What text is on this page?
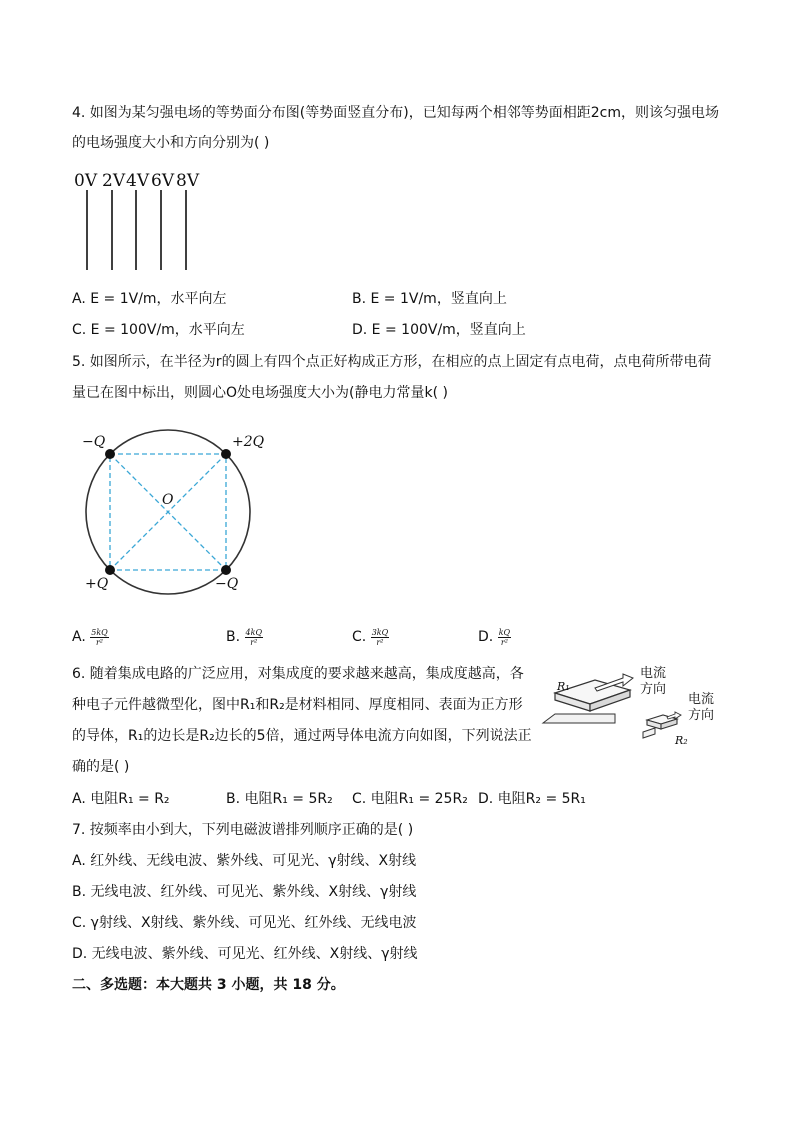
4. 如图为某匀强电场的等势面分布图(等势面竖直分布)，已知每两个相邻等势面相距2cm，则该匀强电场
的电场强度大小和方向分别为( )
0V 2V 4V 6V 8V
A. E = 1V/m，水平向左	B. E = 1V/m，竖直向上
C. E = 100V/m，水平向左	D. E = 100V/m，竖直向上
5. 如图所示，在半径为r的圆上有四个点正好构成正方形，在相应的点上固定有点电荷，点电荷所带电荷
量已在图中标出，则圆心O处电场强度大小为(静电力常量k( )
−Q	+2Q
+Q	−Q
O
A. $\frac{5kQ}{\text{r²}}$	B. $\frac{4kQ}{\text{r²}}$	C. $\frac{3kQ}{\text{r²}}$	D. $\frac{kQ}{\text{r²}}$
6. 随着集成电路的广泛应用，对集成度的要求越来越高，集成度越高，各
种电子元件越微型化，图中R₁和R₂是材料相同、厚度相同、表面为正方形
的导体，R₁的边长是R₂边长的5倍，通过两导体电流方向如图，下列说法正
确的是( )
R₁
R₂
电流
方向
电流
方向
A. 电阻R₁ = R₂	B. 电阻R₁ = 5R₂ C. 电阻R₁ = 25R₂ D. 电阻R₂ = 5R₁
7. 按频率由小到大，下列电磁波谱排列顺序正确的是( )
A. 红外线、无线电波、紫外线、可见光、γ射线、X射线
B. 无线电波、红外线、可见光、紫外线、X射线、γ射线
C. γ射线、X射线、紫外线、可见光、红外线、无线电波
D. 无线电波、紫外线、可见光、红外线、X射线、γ射线
二、多选题：本大题共 3 小题，共 18 分。
